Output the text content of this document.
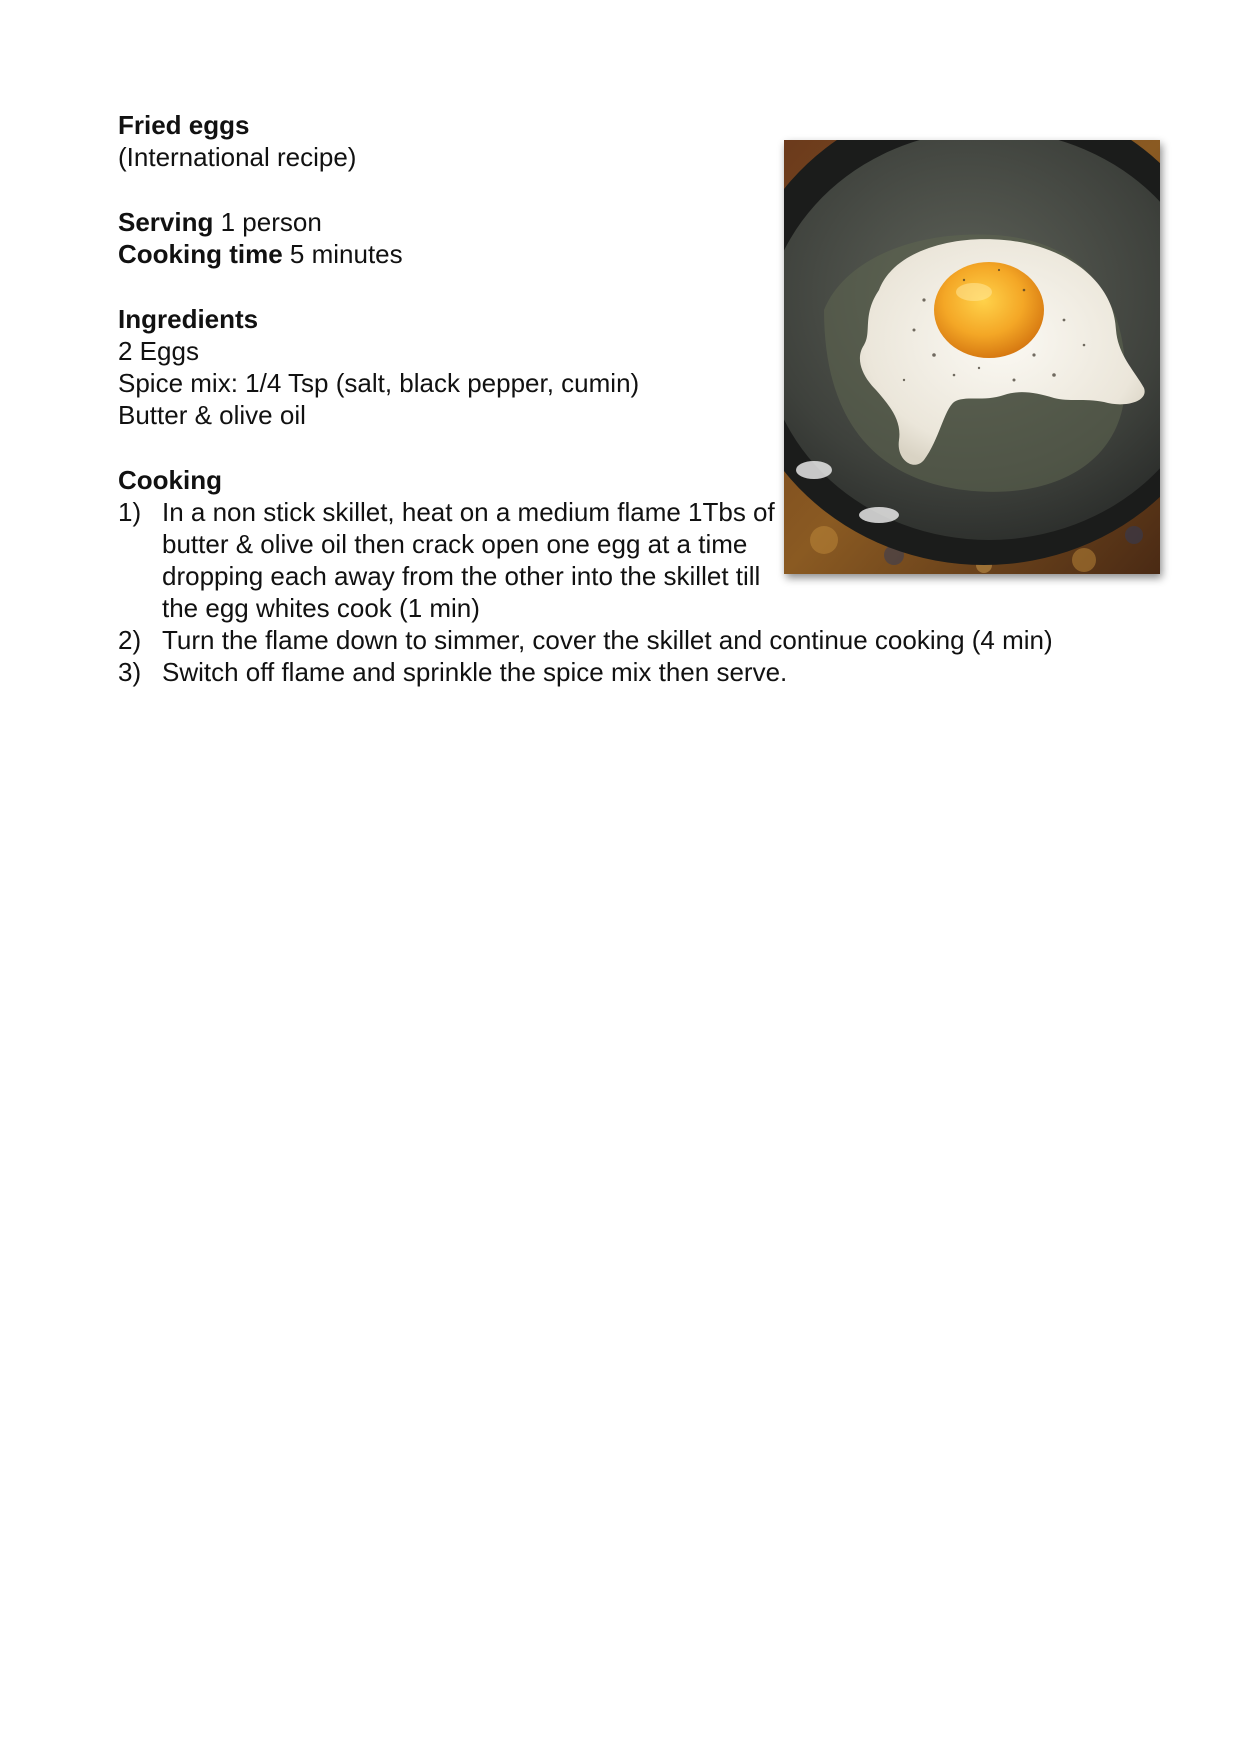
Fried eggs
(International recipe)
Serving 1 person
Cooking time 5 minutes
Ingredients
2 Eggs
Spice mix: 1/4 Tsp (salt, black pepper, cumin)
Butter & olive oil
Cooking
1) In a non stick skillet, heat on a medium flame 1Tbs of butter & olive oil then crack open one egg at a time dropping each away from the other into the skillet till the egg whites cook (1 min)
2) Turn the flame down to simmer, cover the skillet and continue cooking (4 min)
3) Switch off flame and sprinkle the spice mix then serve.
